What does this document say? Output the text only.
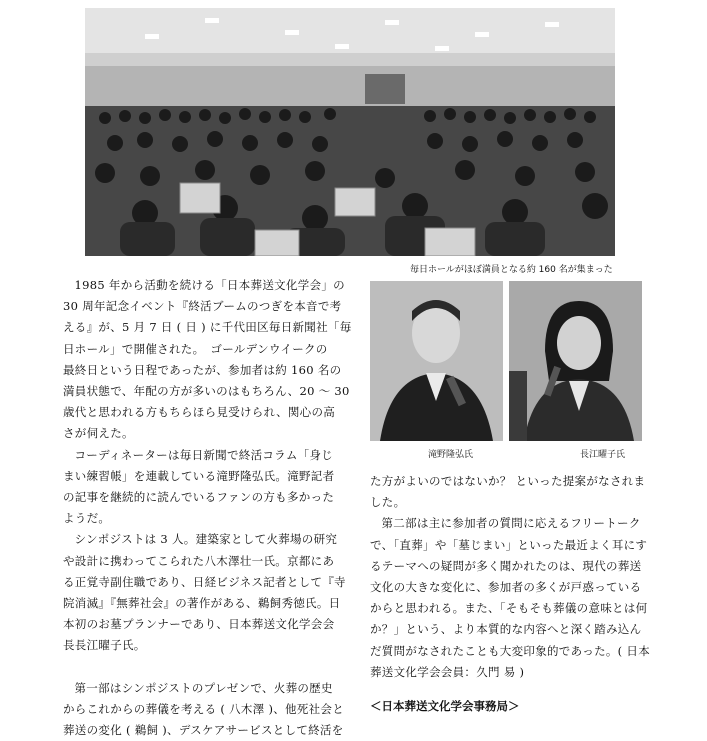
毎日ホールがほぼ満員となる約 160 名が集まった
滝野隆弘氏	長江曜子氏

1985 年から活動を続ける「日本葬送文化学会」の

30 周年記念イベント『終活ブームのつぎを本音で考

える』が、5 月 7 日 ( 日 ) に千代田区毎日新聞社「毎

日ホール」で開催された。　ゴールデンウイークの

最終日という日程であったが、参加者は約 160 名の

満員状態で、年配の方が多いのはもちろん、20 ～ 30

歳代と思われる方もちらほら見受けられ、関心の高

さが伺えた。

コーディネーターは毎日新聞で終活コラム「身じ

まい練習帳」を連載している滝野隆弘氏。滝野記者

の記事を継続的に読んでいるファンの方も多かった

ようだ。

シンポジストは 3 人。建築家として火葬場の研究

や設計に携わってこられた八木澤壮一氏。京都にあ

る正覚寺副住職であり、日経ビジネス記者として『寺

院消滅』『無葬社会』の著作がある、鵜飼秀徳氏。日

本初のお墓プランナーであり、日本葬送文化学会会

長長江曜子氏。

第一部はシンポジストのプレゼンで、火葬の歴史

からこれからの葬儀を考える ( 八木澤 )、他死社会と

葬送の変化 ( 鵜飼 )、デスケアサービスとして終活を

た方がよいのではないか？ といった提案がなされま

した。

第二部は主に参加者の質問に応えるフリートーク

で、「直葬」や「墓じまい」といった最近よく耳にす

るテーマへの疑問が多く聞かれたのは、現代の葬送

文化の大きな変化に、参加者の多くが戸惑っている

からと思われる。また、「そもそも葬儀の意味とは何

か？」という、より本質的な内容へと深く踏み込ん

だ質問がなされたことも大変印象的であった。( 日本

葬送文化学会会員：久門 易 )

＜日本葬送文化学会事務局＞
